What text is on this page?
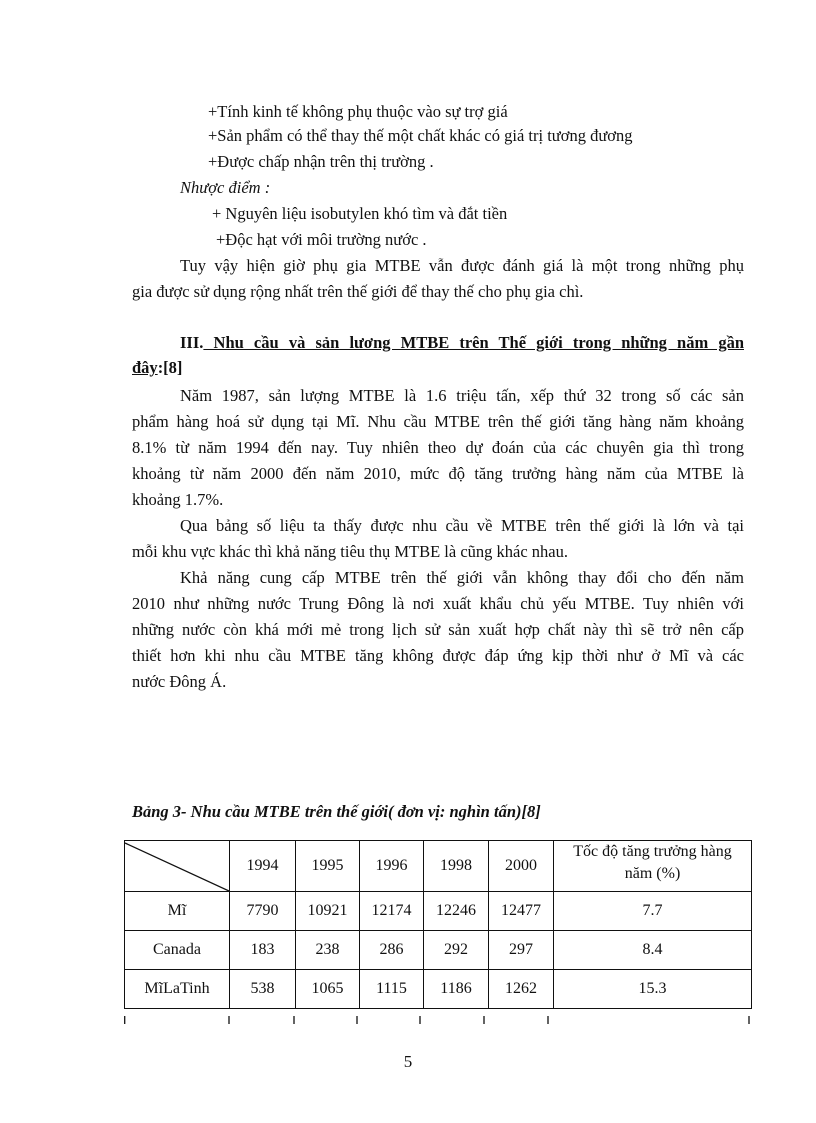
+Tính kinh tế không phụ thuộc vào sự trợ giá
+Sản phẩm có thể thay thế một chất khác có giá trị tương đương
+Được chấp nhận trên thị trường .
Nhược điểm :
+ Nguyên liệu isobutylen khó tìm và đắt tiền
+Độc hạt với môi trường nước .
Tuy vậy hiện giờ phụ gia MTBE vẫn được đánh giá là một trong những phụ
gia được sử dụng rộng nhất trên thế giới để thay thế cho phụ gia chì.
III. Nhu cầu và sản lương MTBE trên Thế giới trong những năm gần
đây:[8]
Năm 1987, sản lượng MTBE là 1.6 triệu tấn, xếp thứ 32 trong số các sản
phẩm hàng hoá sử dụng tại Mĩ. Nhu cầu MTBE trên thế giới tăng hàng năm khoảng
8.1% từ năm 1994 đến nay. Tuy nhiên theo dự đoán của các chuyên gia thì trong
khoảng từ năm 2000 đến năm 2010, mức độ tăng trưởng hàng năm của MTBE là
khoảng 1.7%.
Qua bảng số liệu ta thấy được nhu cầu về MTBE trên thế giới là lớn và tại
mỗi khu vực khác thì khả năng tiêu thụ MTBE là cũng khác nhau.
Khả năng cung cấp MTBE trên thế giới vẫn không thay đổi cho đến năm
2010 như những nước Trung Đông là nơi xuất khẩu chủ yếu MTBE. Tuy nhiên với
những nước còn khá mới mẻ trong lịch sử sản xuất hợp chất này thì sẽ trở nên cấp
thiết hơn khi nhu cầu MTBE tăng không được đáp ứng kịp thời như ở Mĩ và các
nước Đông Á.
Bảng 3- Nhu cầu MTBE trên thế giới( đơn vị: nghìn tấn)[8]
	1994	1995	1996	1998	2000	Tốc độ tăng trưởng hàng
năm (%)

Mĩ	7790	10921	12174	12246	12477	7.7
Canada	183	238	286	292	297	8.4
MĩLaTinh	538	1065	1115	1186	1262	15.3
5
